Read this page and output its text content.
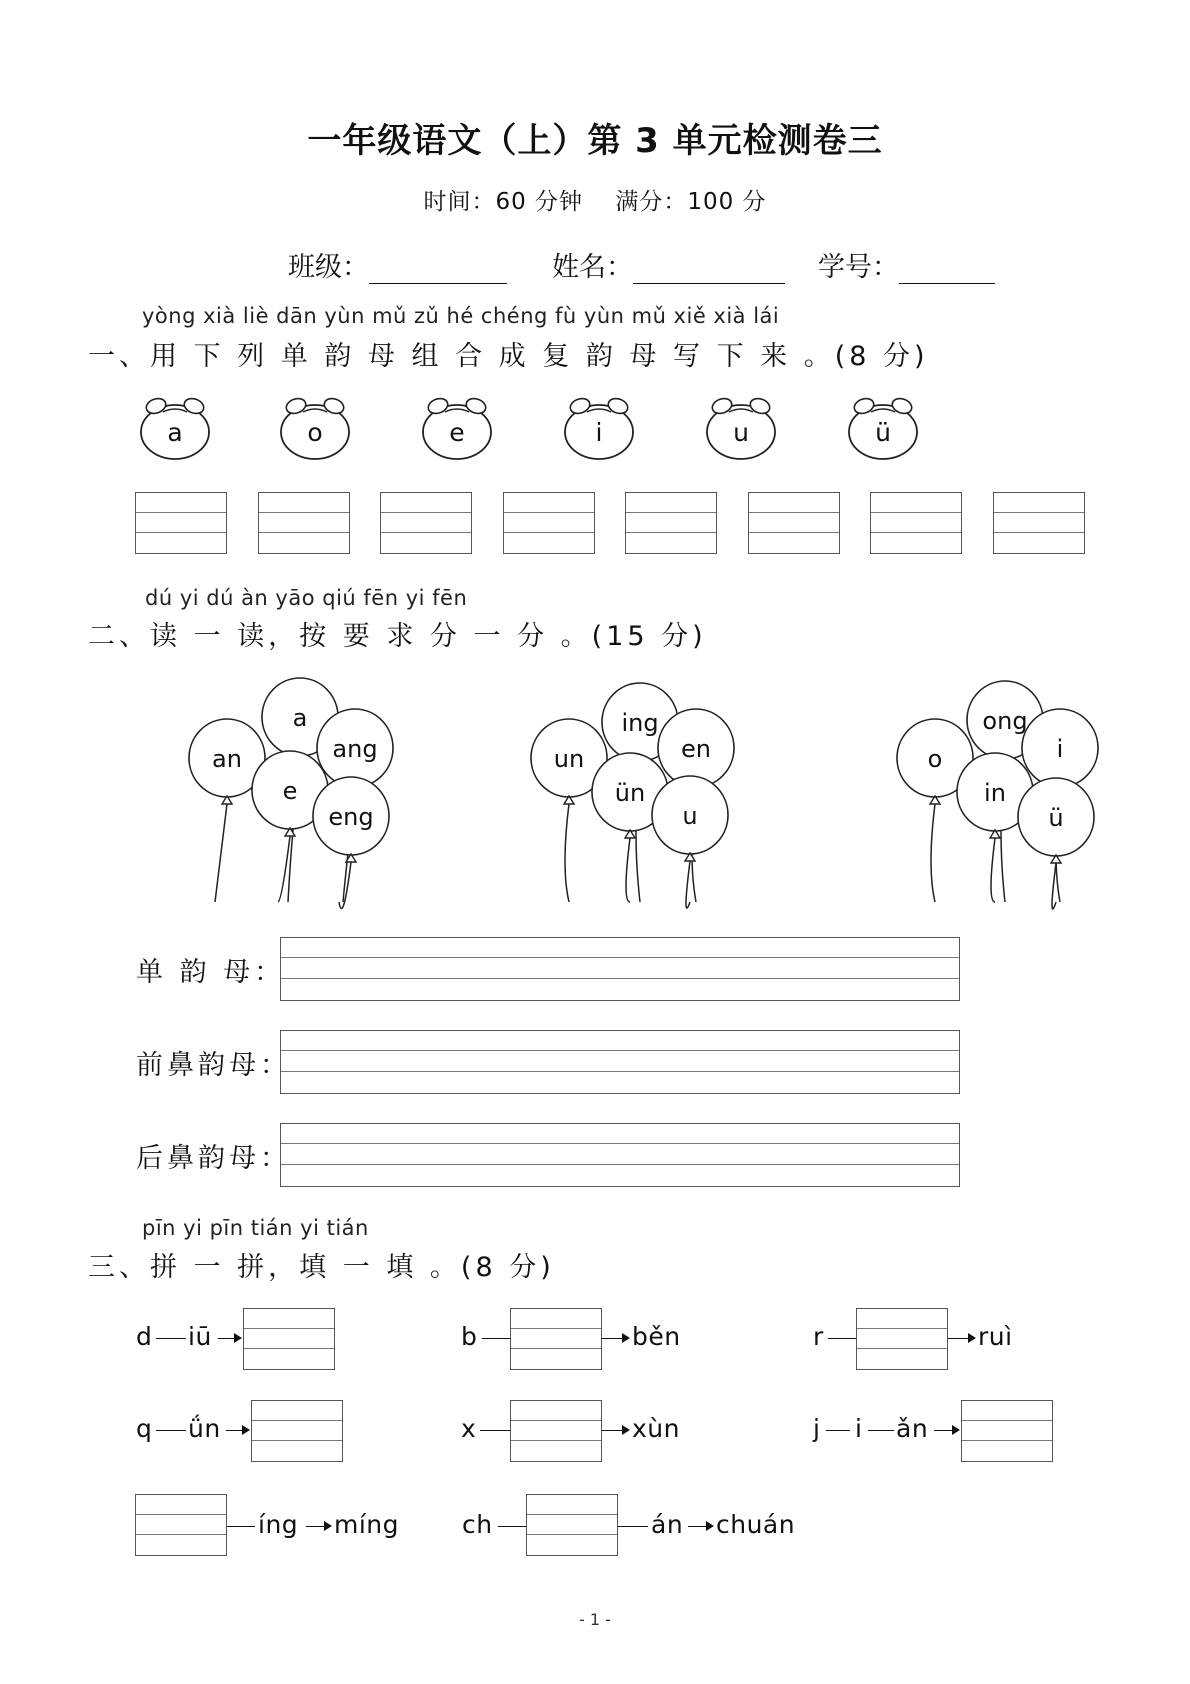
一年级语文（上）第 3 单元检测卷三
时间：60 分钟 满分：100 分
班级：	姓名：	学号：
yòng xià liè dān yùn mǔ zǔ hé chéng fù yùn mǔ xiě xià lái
一、用 下 列 单 韵 母 组 合 成 复 韵 母 写 下 来 。(8 分)
a	o	e	i	u	ü
dú yi dú àn yāo qiú fēn yi fēn
二、读 一 读，按 要 求 分 一 分 。(15 分)
a
an	ang
e
eng
ing
un	en
ün
u
ong
o	i
in
ü
单 韵 母：
前鼻韵母：
后鼻韵母：
pīn yi pīn tián yi tián
三、拼 一 拼，填 一 填 。(8 分)
d iū	b	běn	r	ruì
q ǘn	x	xùn	j i ǎn
íng míng	ch	án chuán
- 1 -
